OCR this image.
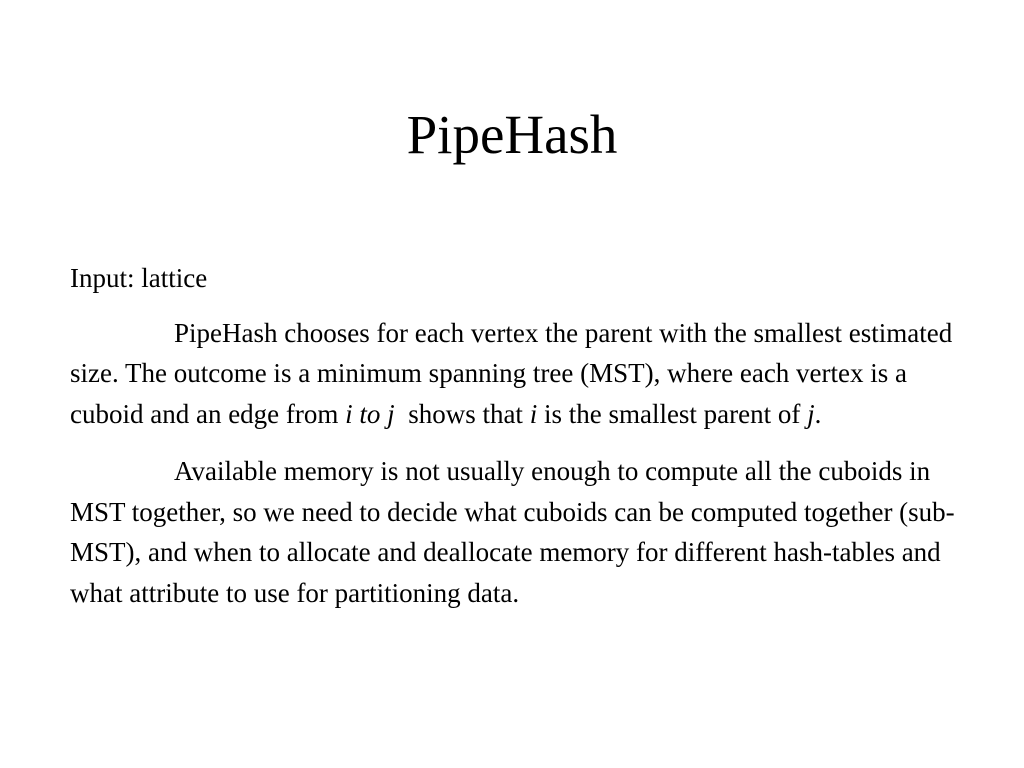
PipeHash

Input: lattice

PipeHash chooses for each vertex the parent with the smallest estimated size. The outcome is a minimum spanning tree (MST), where each vertex is a cuboid and an edge from i to j  shows that i is the smallest parent of j.

Available memory is not usually enough to compute all the cuboids in MST together, so we need to decide what cuboids can be computed together (sub-MST), and when to allocate and deallocate memory for different hash-tables and what attribute to use for partitioning data.
